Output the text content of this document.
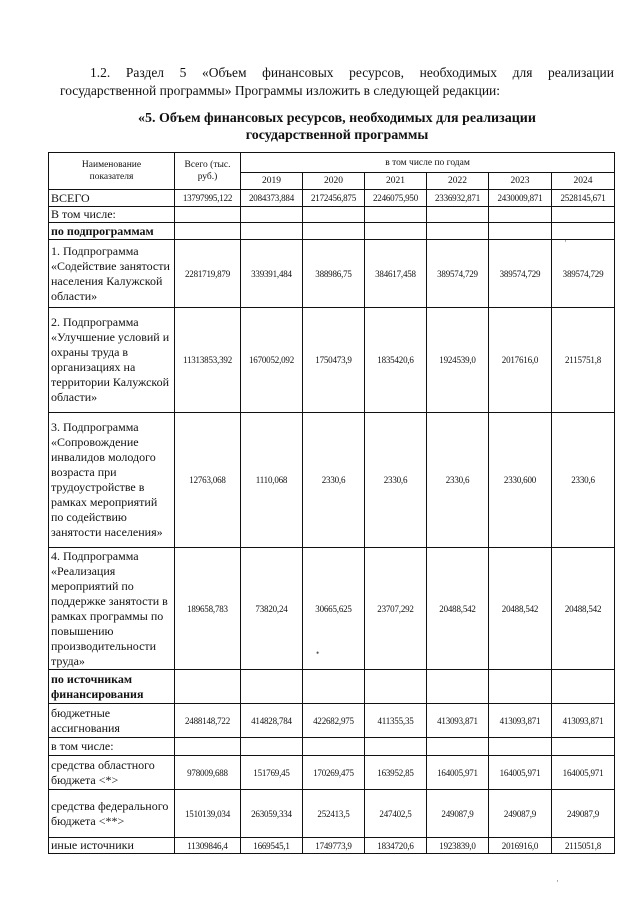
1.2. Раздел 5 «Объем финансовых ресурсов, необходимых для реализации
государственной программы» Программы изложить в следующей редакции:
«5. Объем финансовых ресурсов, необходимых для реализации
государственной программы
Наименование показателя	Всего (тыс. руб.)	в том числе по годам					
		2019	2020	2021	2022	2023	2024
ВСЕГО	13797995,122	2084373,884	2172456,875	2246075,950	2336932,871	2430009,871	2528145,671
В том числе:							
по подпрограммам							
1. Подпрограмма «Содействие занятости населения Калужской области»	2281719,879	339391,484	388986,75	384617,458	389574,729	389574,729	389574,729
2. Подпрограмма «Улучшение условий и охраны труда в организациях на территории Калужской области»	11313853,392	1670052,092	1750473,9	1835420,6	1924539,0	2017616,0	2115751,8
3. Подпрограмма «Сопровождение инвалидов молодого возраста при трудоустройстве в рамках мероприятий по содействию занятости населения»	12763,068	1110,068	2330,6	2330,6	2330,6	2330,600	2330,6
4. Подпрограмма «Реализация мероприятий по поддержке занятости в рамках программы по повышению производительности труда»	189658,783	73820,24	30665,625	23707,292	20488,542	20488,542	20488,542
по источникам финансирования							
бюджетные ассигнования	2488148,722	414828,784	422682,975	411355,35	413093,871	413093,871	413093,871
в том числе:							
средства областного бюджета <*>	978009,688	151769,45	170269,475	163952,85	164005,971	164005,971	164005,971
средства федерального бюджета <**>	1510139,034	263059,334	252413,5	247402,5	249087,9	249087,9	249087,9
иные источники	11309846,4	1669545,1	1749773,9	1834720,6	1923839,0	2016916,0	2115051,8
·
•
·
